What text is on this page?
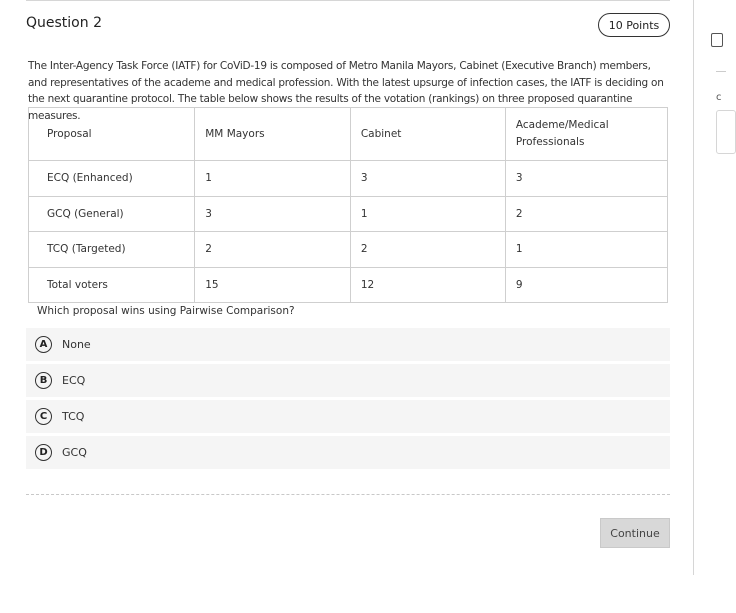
c
Question 2	10 Points
The Inter-Agency Task Force (IATF) for CoViD-19 is composed of Metro Manila Mayors, Cabinet (Executive Branch) members, and representatives of the academe and medical profession. With the latest upsurge of infection cases, the IATF is deciding on the next quarantine protocol. The table below shows the results of the votation (rankings) on three proposed quarantine measures.
Proposal	MM Mayors	Cabinet	Academe/Medical
Professionals
ECQ (Enhanced)	1	3	3
GCQ (General)	3	1	2
TCQ (Targeted)	2	2	1
Total voters	15	12	9
Which proposal wins using Pairwise Comparison?
A	None
B	ECQ
C	TCQ
D	GCQ
Continue
